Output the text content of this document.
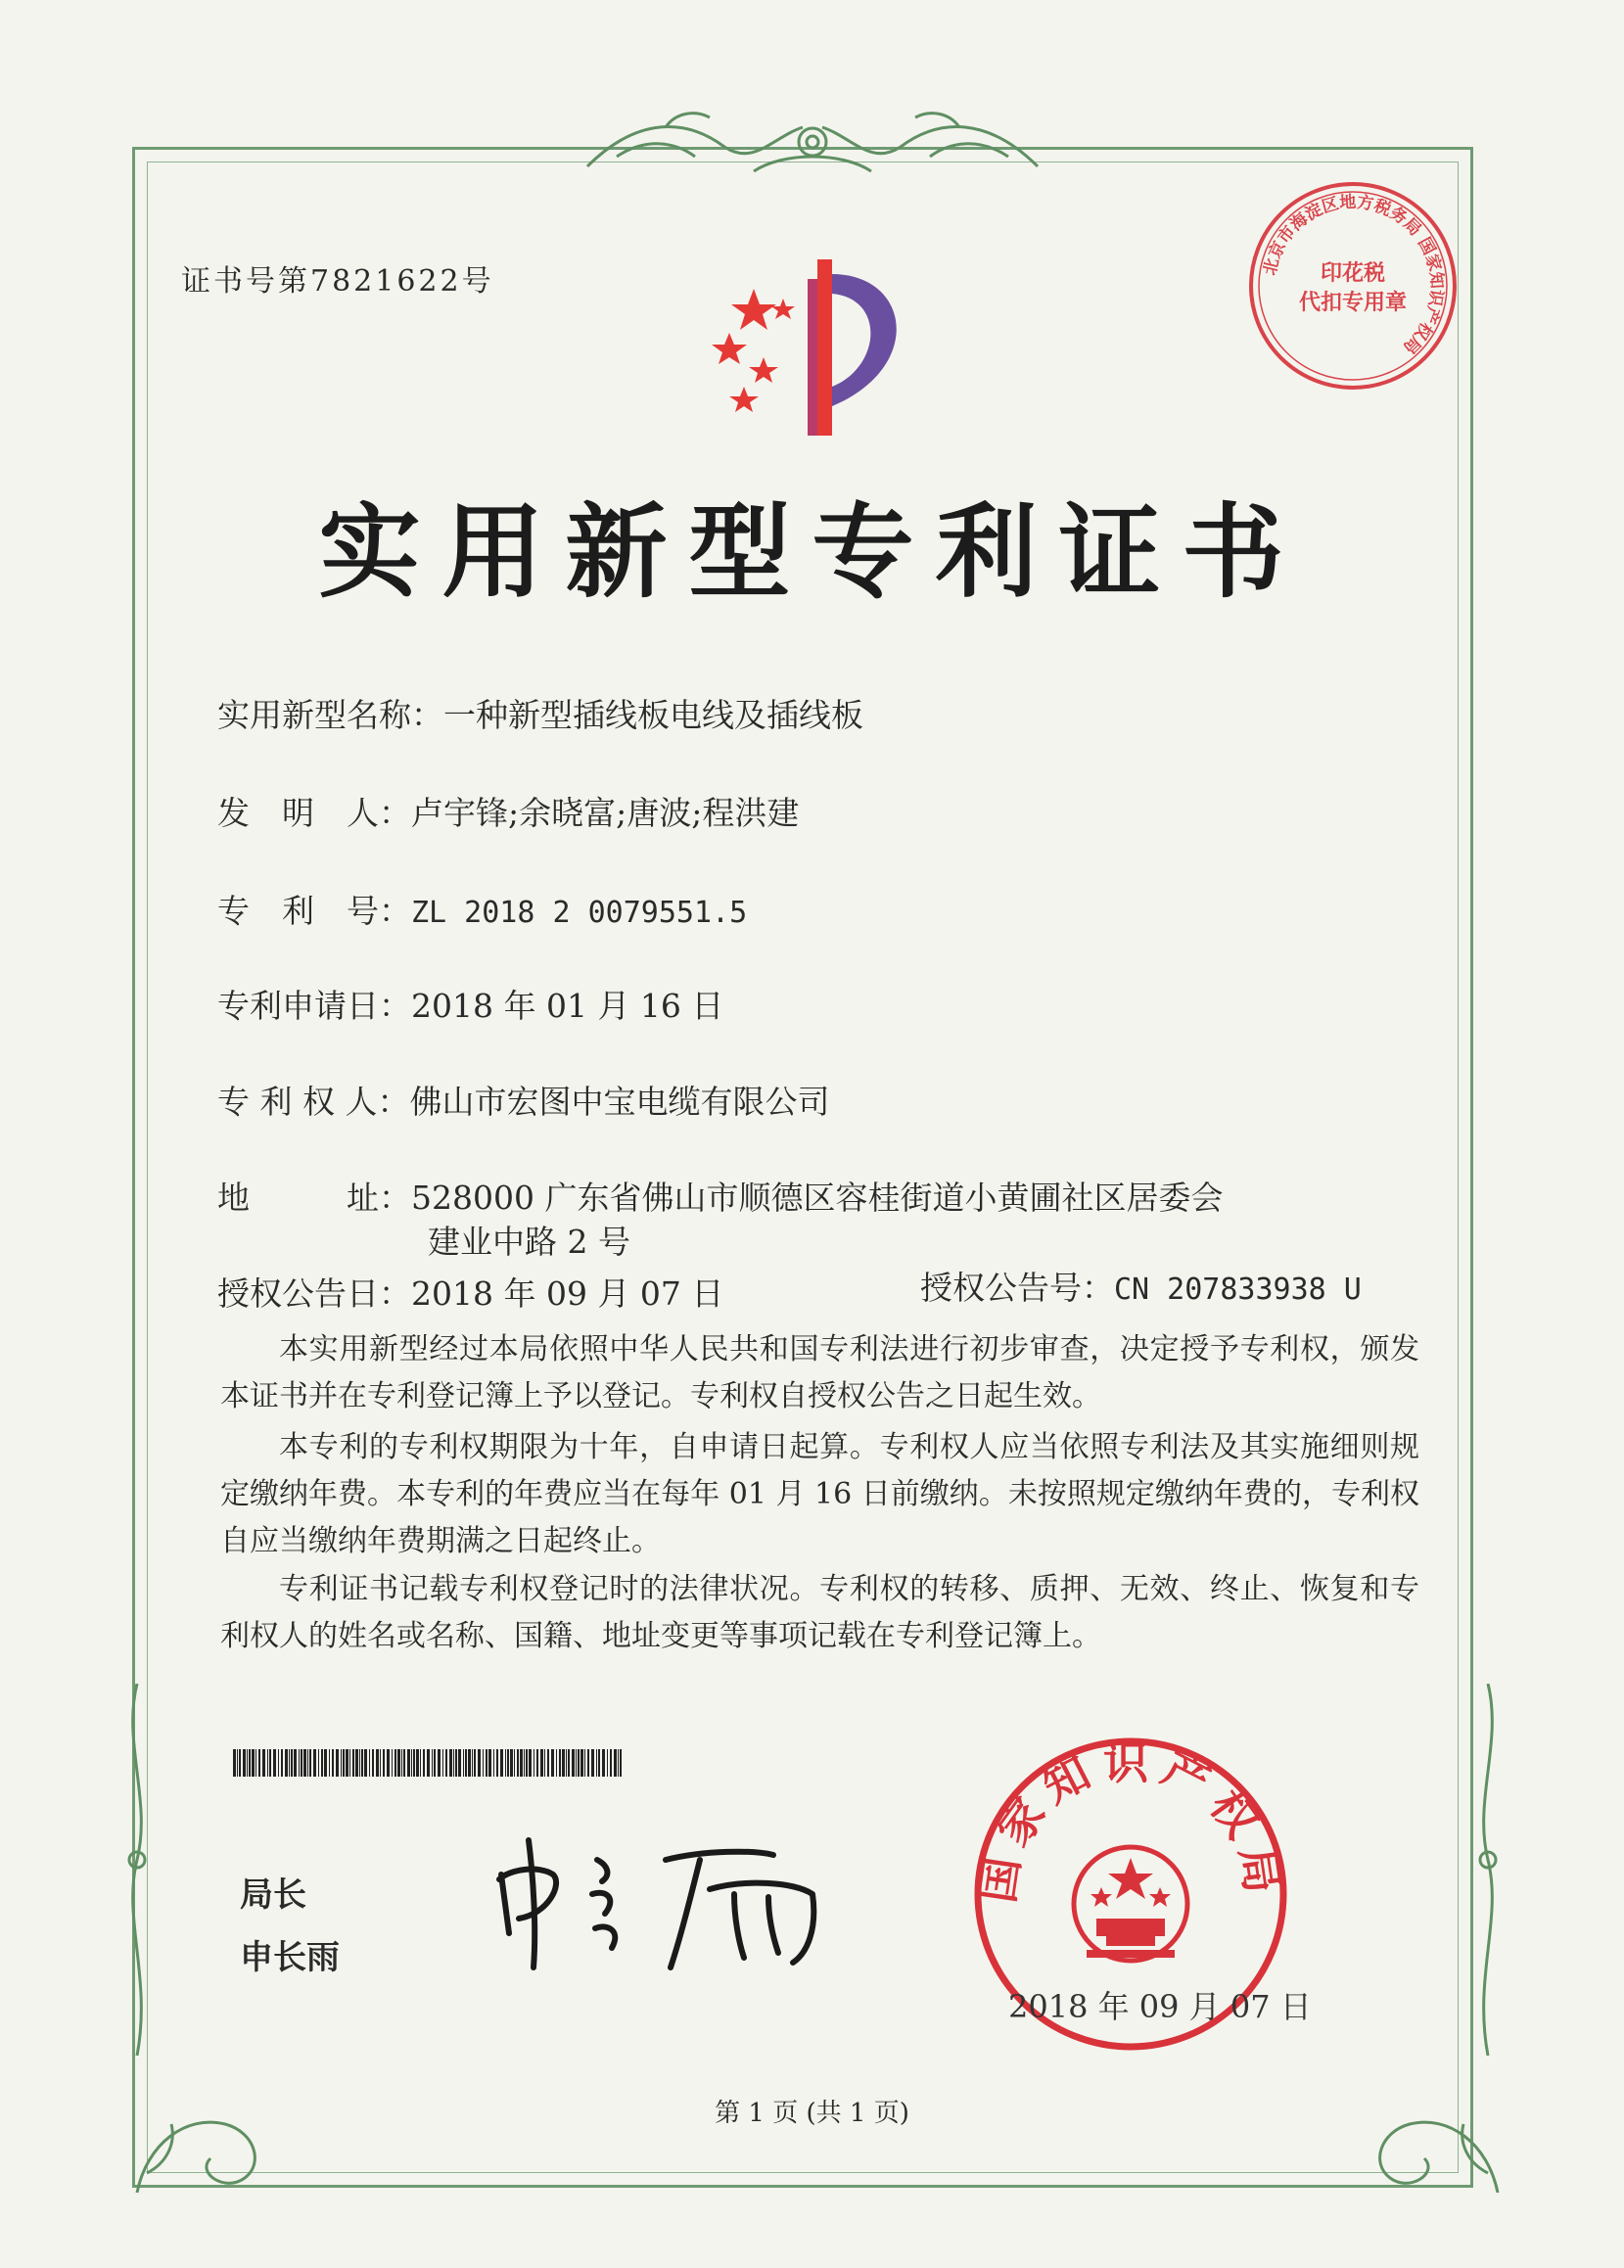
证书号第7821622号	北京市海淀区地方税务局 国家知识产权局
印花税
代扣专用章
实用新型专利证书
实用新型名称：一种新型插线板电线及插线板
发　明　人：卢宇锋;余晓富;唐波;程洪建
专　利　号：ZL 2018 2 0079551.5
专利申请日：2018 年 01 月 16 日
专 利 权 人：佛山市宏图中宝电缆有限公司
地　　　址：528000 广东省佛山市顺德区容桂街道小黄圃社区居委会
建业中路 2 号
授权公告日：2018 年 09 月 07 日	授权公告号：CN 207833938 U

本实用新型经过本局依照中华人民共和国专利法进行初步审查，决定授予专利权，颁发本证书并在专利登记簿上予以登记。专利权自授权公告之日起生效。

本专利的专利权期限为十年，自申请日起算。专利权人应当依照专利法及其实施细则规定缴纳年费。本专利的年费应当在每年 01 月 16 日前缴纳。未按照规定缴纳年费的，专利权自应当缴纳年费期满之日起终止。

专利证书记载专利权登记时的法律状况。专利权的转移、质押、无效、终止、恢复和专利权人的姓名或名称、国籍、地址变更等事项记载在专利登记簿上。

局长
申长雨
国家知识产权局
2018 年 09 月 07 日
第 1 页 (共 1 页)
